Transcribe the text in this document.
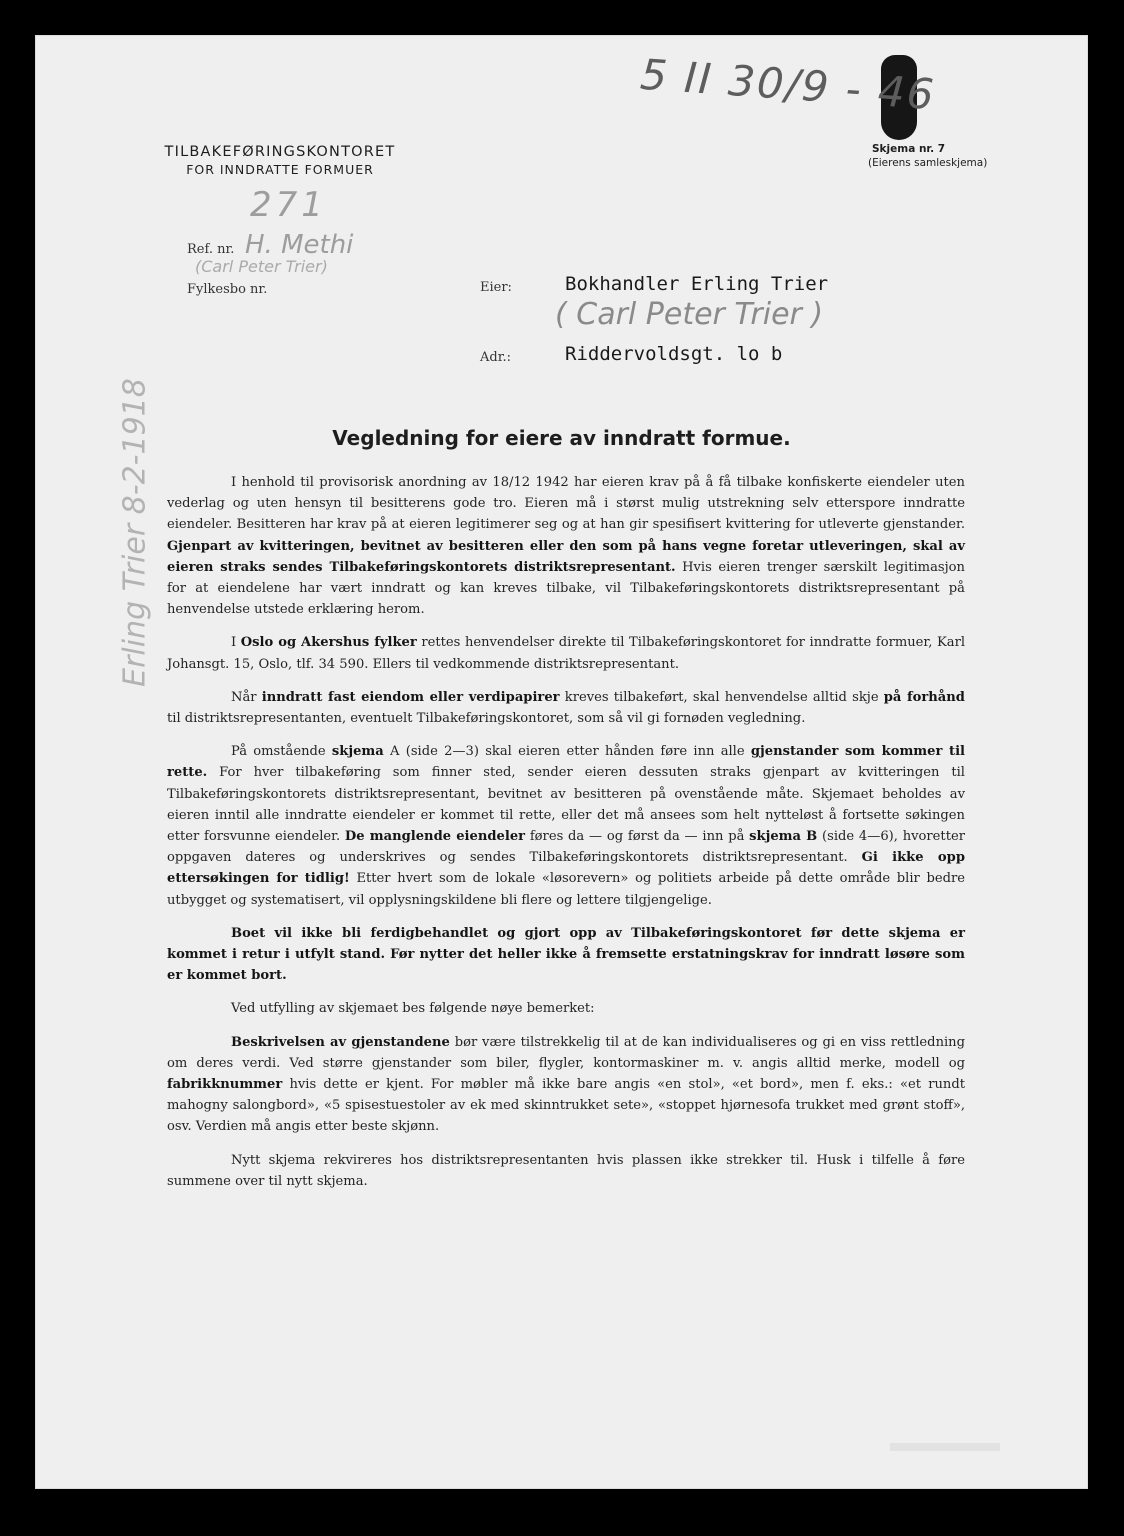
5 II 30/9 - 46
271
H. Methi
(Carl Peter Trier)
( Carl Peter Trier )
Erling Trier 8-2-1918
TILBAKEFØRINGSKONTORET
FOR INNDRATTE FORMUER
Skjema nr. 7
(Eierens samleskjema)
Ref. nr.
Fylkesbo nr.	Eier:
Adr.:
Bokhandler Erling Trier
Riddervoldsgt. lo b
Vegledning for eiere av inndratt formue.

I henhold til provisorisk anordning av 18/12 1942 har eieren krav på å få tilbake konfiskerte eiendeler uten vederlag og uten hensyn til besitterens gode tro. Eieren må i størst mulig utstrekning selv etterspore inndratte eiendeler. Besitteren har krav på at eieren legitimerer seg og at han gir spesifisert kvittering for utleverte gjenstander. Gjenpart av kvitteringen, bevitnet av besitteren eller den som på hans vegne foretar utleveringen, skal av eieren straks sendes Tilbakeføringskontorets distriktsrepresentant. Hvis eieren trenger særskilt legitimasjon for at eiendelene har vært inndratt og kan kreves tilbake, vil Tilbakeføringskontorets distriktsrepresentant på henvendelse utstede erklæring herom.

I Oslo og Akershus fylker rettes henvendelser direkte til Tilbakeføringskontoret for inndratte formuer, Karl Johansgt. 15, Oslo, tlf. 34 590. Ellers til vedkommende distriktsrepresentant.

Når inndratt fast eiendom eller verdipapirer kreves tilbakeført, skal henvendelse alltid skje på forhånd til distriktsrepresentanten, eventuelt Tilbakeføringskontoret, som så vil gi fornøden vegledning.

På omstående skjema A (side 2—3) skal eieren etter hånden føre inn alle gjenstander som kommer til rette. For hver tilbakeføring som finner sted, sender eieren dessuten straks gjenpart av kvitteringen til Tilbakeføringskontorets distriktsrepresentant, bevitnet av besitteren på ovenstående måte. Skjemaet beholdes av eieren inntil alle inndratte eiendeler er kommet til rette, eller det må ansees som helt nytteløst å fortsette søkingen etter forsvunne eiendeler. De manglende eiendeler føres da — og først da — inn på skjema B (side 4—6), hvoretter oppgaven dateres og underskrives og sendes Tilbakeføringskontorets distriktsrepresentant. Gi ikke opp ettersøkingen for tidlig! Etter hvert som de lokale «løsorevern» og politiets arbeide på dette område blir bedre utbygget og systematisert, vil opplysningskildene bli flere og lettere tilgjengelige.

Boet vil ikke bli ferdigbehandlet og gjort opp av Tilbakeføringskontoret før dette skjema er kommet i retur i utfylt stand. Før nytter det heller ikke å fremsette erstatningskrav for inndratt løsøre som er kommet bort.

Ved utfylling av skjemaet bes følgende nøye bemerket:

Beskrivelsen av gjenstandene bør være tilstrekkelig til at de kan individualiseres og gi en viss rettledning om deres verdi. Ved større gjenstander som biler, flygler, kontormaskiner m. v. angis alltid merke, modell og fabrikknummer hvis dette er kjent. For møbler må ikke bare angis «en stol», «et bord», men f. eks.: «et rundt mahogny salongbord», «5 spisestuestoler av ek med skinntrukket sete», «stoppet hjørnesofa trukket med grønt stoff», osv. Verdien må angis etter beste skjønn.

Nytt skjema rekvireres hos distriktsrepresentanten hvis plassen ikke strekker til. Husk i tilfelle å føre summene over til nytt skjema.
